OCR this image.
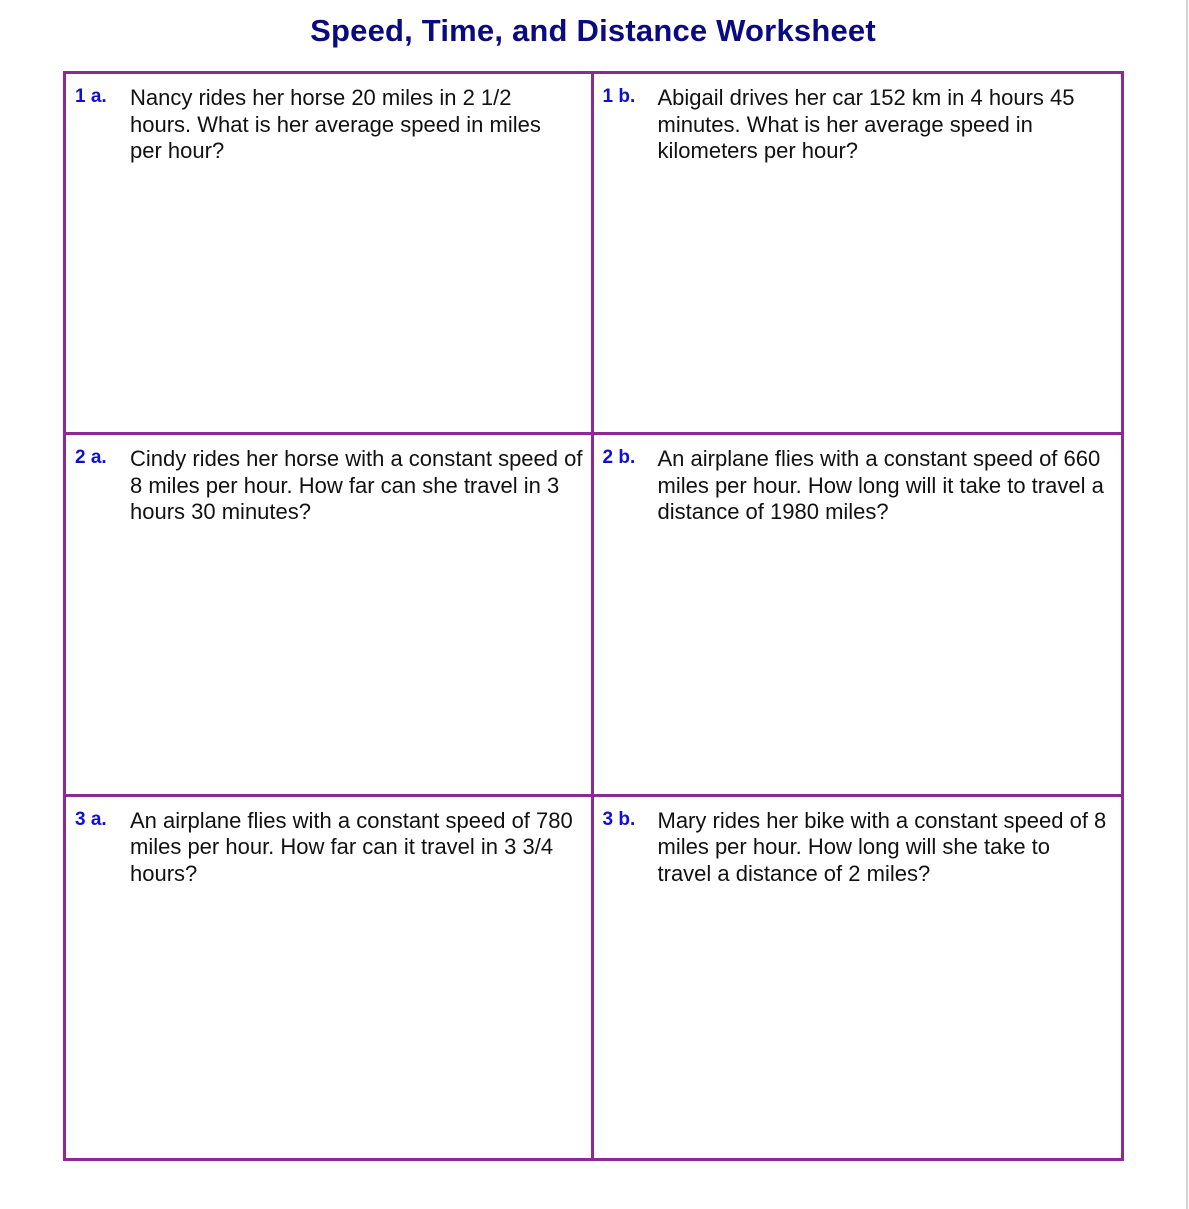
Speed, Time, and Distance Worksheet
1 a. Nancy rides her horse 20 miles in 2 1/2 hours. What is her average speed in miles per hour?
1 b. Abigail drives her car 152 km in 4 hours 45 minutes. What is her average speed in kilometers per hour?
2 a. Cindy rides her horse with a constant speed of 8 miles per hour. How far can she travel in 3 hours 30 minutes?
2 b. An airplane flies with a constant speed of 660 miles per hour. How long will it take to travel a distance of 1980 miles?
3 a. An airplane flies with a constant speed of 780 miles per hour. How far can it travel in 3 3/4 hours?
3 b. Mary rides her bike with a constant speed of 8 miles per hour. How long will she take to travel a distance of 2 miles?
